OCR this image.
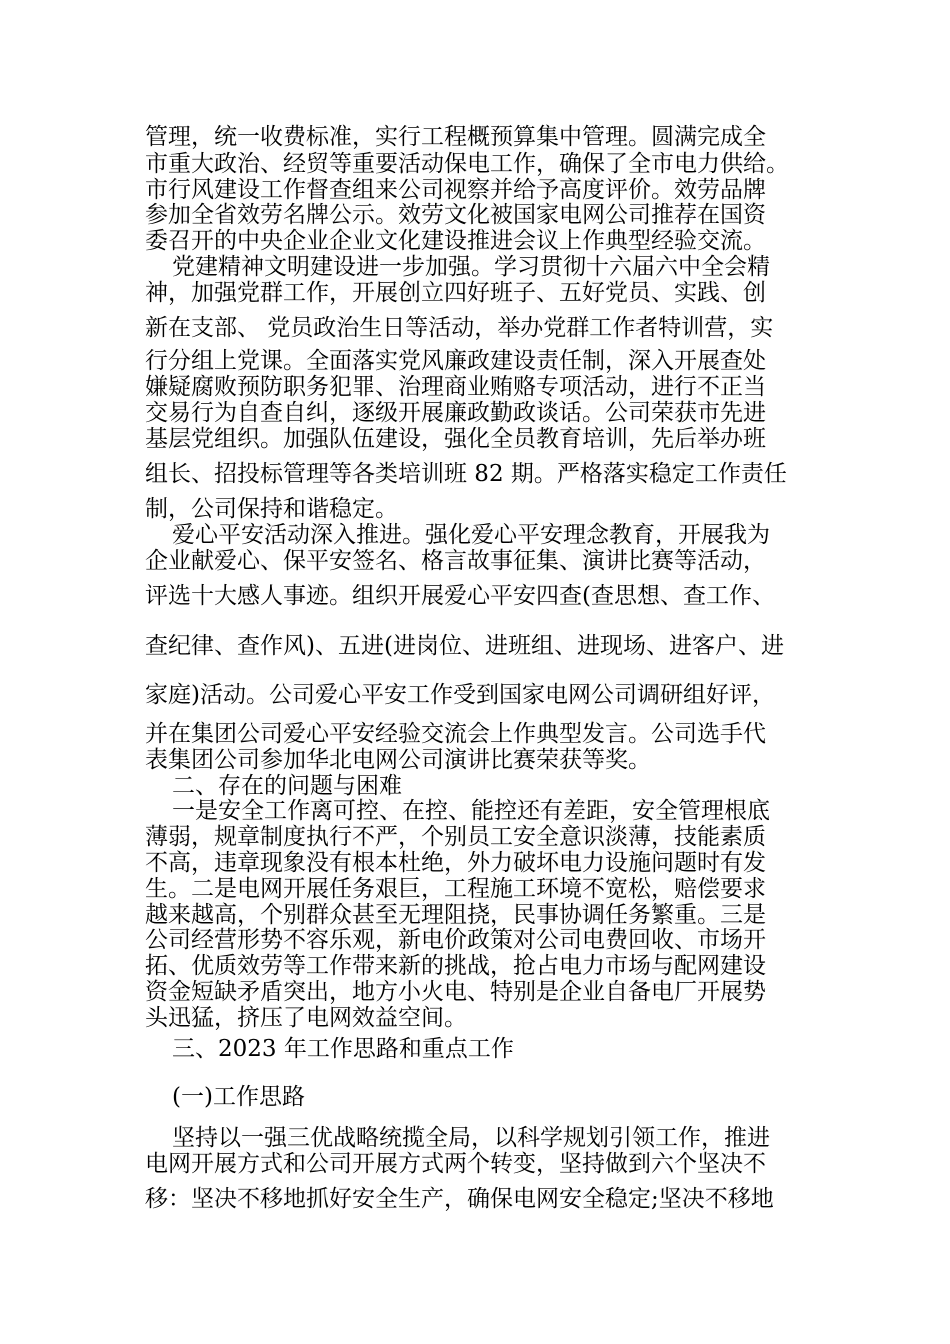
管理，统一收费标准，实行工程概预算集中管理。圆满完成全
市重大政治、经贸等重要活动保电工作，确保了全市电力供给。
市行风建设工作督查组来公司视察并给予高度评价。效劳品牌
参加全省效劳名牌公示。效劳文化被国家电网公司推荐在国资
委召开的中央企业企业文化建设推进会议上作典型经验交流。
党建精神文明建设进一步加强。学习贯彻十六届六中全会精
神，加强党群工作，开展创立四好班子、五好党员、实践、创
新在支部、 党员政治生日等活动，举办党群工作者特训营，实
行分组上党课。全面落实党风廉政建设责任制，深入开展查处
嫌疑腐败预防职务犯罪、治理商业贿赂专项活动，进行不正当
交易行为自查自纠，逐级开展廉政勤政谈话。公司荣获市先进
基层党组织。加强队伍建设，强化全员教育培训，先后举办班
组长、招投标管理等各类培训班 82 期。严格落实稳定工作责任
制，公司保持和谐稳定。
爱心平安活动深入推进。强化爱心平安理念教育，开展我为
企业献爱心、保平安签名、格言故事征集、演讲比赛等活动，
评选十大感人事迹。组织开展爱心平安四查(查思想、查工作、
查纪律、查作风)、五进(进岗位、进班组、进现场、进客户、进
家庭)活动。公司爱心平安工作受到国家电网公司调研组好评，
并在集团公司爱心平安经验交流会上作典型发言。公司选手代
表集团公司参加华北电网公司演讲比赛荣获等奖。
二、存在的问题与困难
一是安全工作离可控、在控、能控还有差距，安全管理根底
薄弱，规章制度执行不严，个别员工安全意识淡薄，技能素质
不高，违章现象没有根本杜绝，外力破坏电力设施问题时有发
生。二是电网开展任务艰巨，工程施工环境不宽松，赔偿要求
越来越高，个别群众甚至无理阻挠，民事协调任务繁重。三是
公司经营形势不容乐观，新电价政策对公司电费回收、市场开
拓、优质效劳等工作带来新的挑战，抢占电力市场与配网建设
资金短缺矛盾突出，地方小火电、特别是企业自备电厂开展势
头迅猛，挤压了电网效益空间。
三、2023 年工作思路和重点工作
(一)工作思路
坚持以一强三优战略统揽全局，以科学规划引领工作，推进
电网开展方式和公司开展方式两个转变，坚持做到六个坚决不
移：坚决不移地抓好安全生产，确保电网安全稳定;坚决不移地
